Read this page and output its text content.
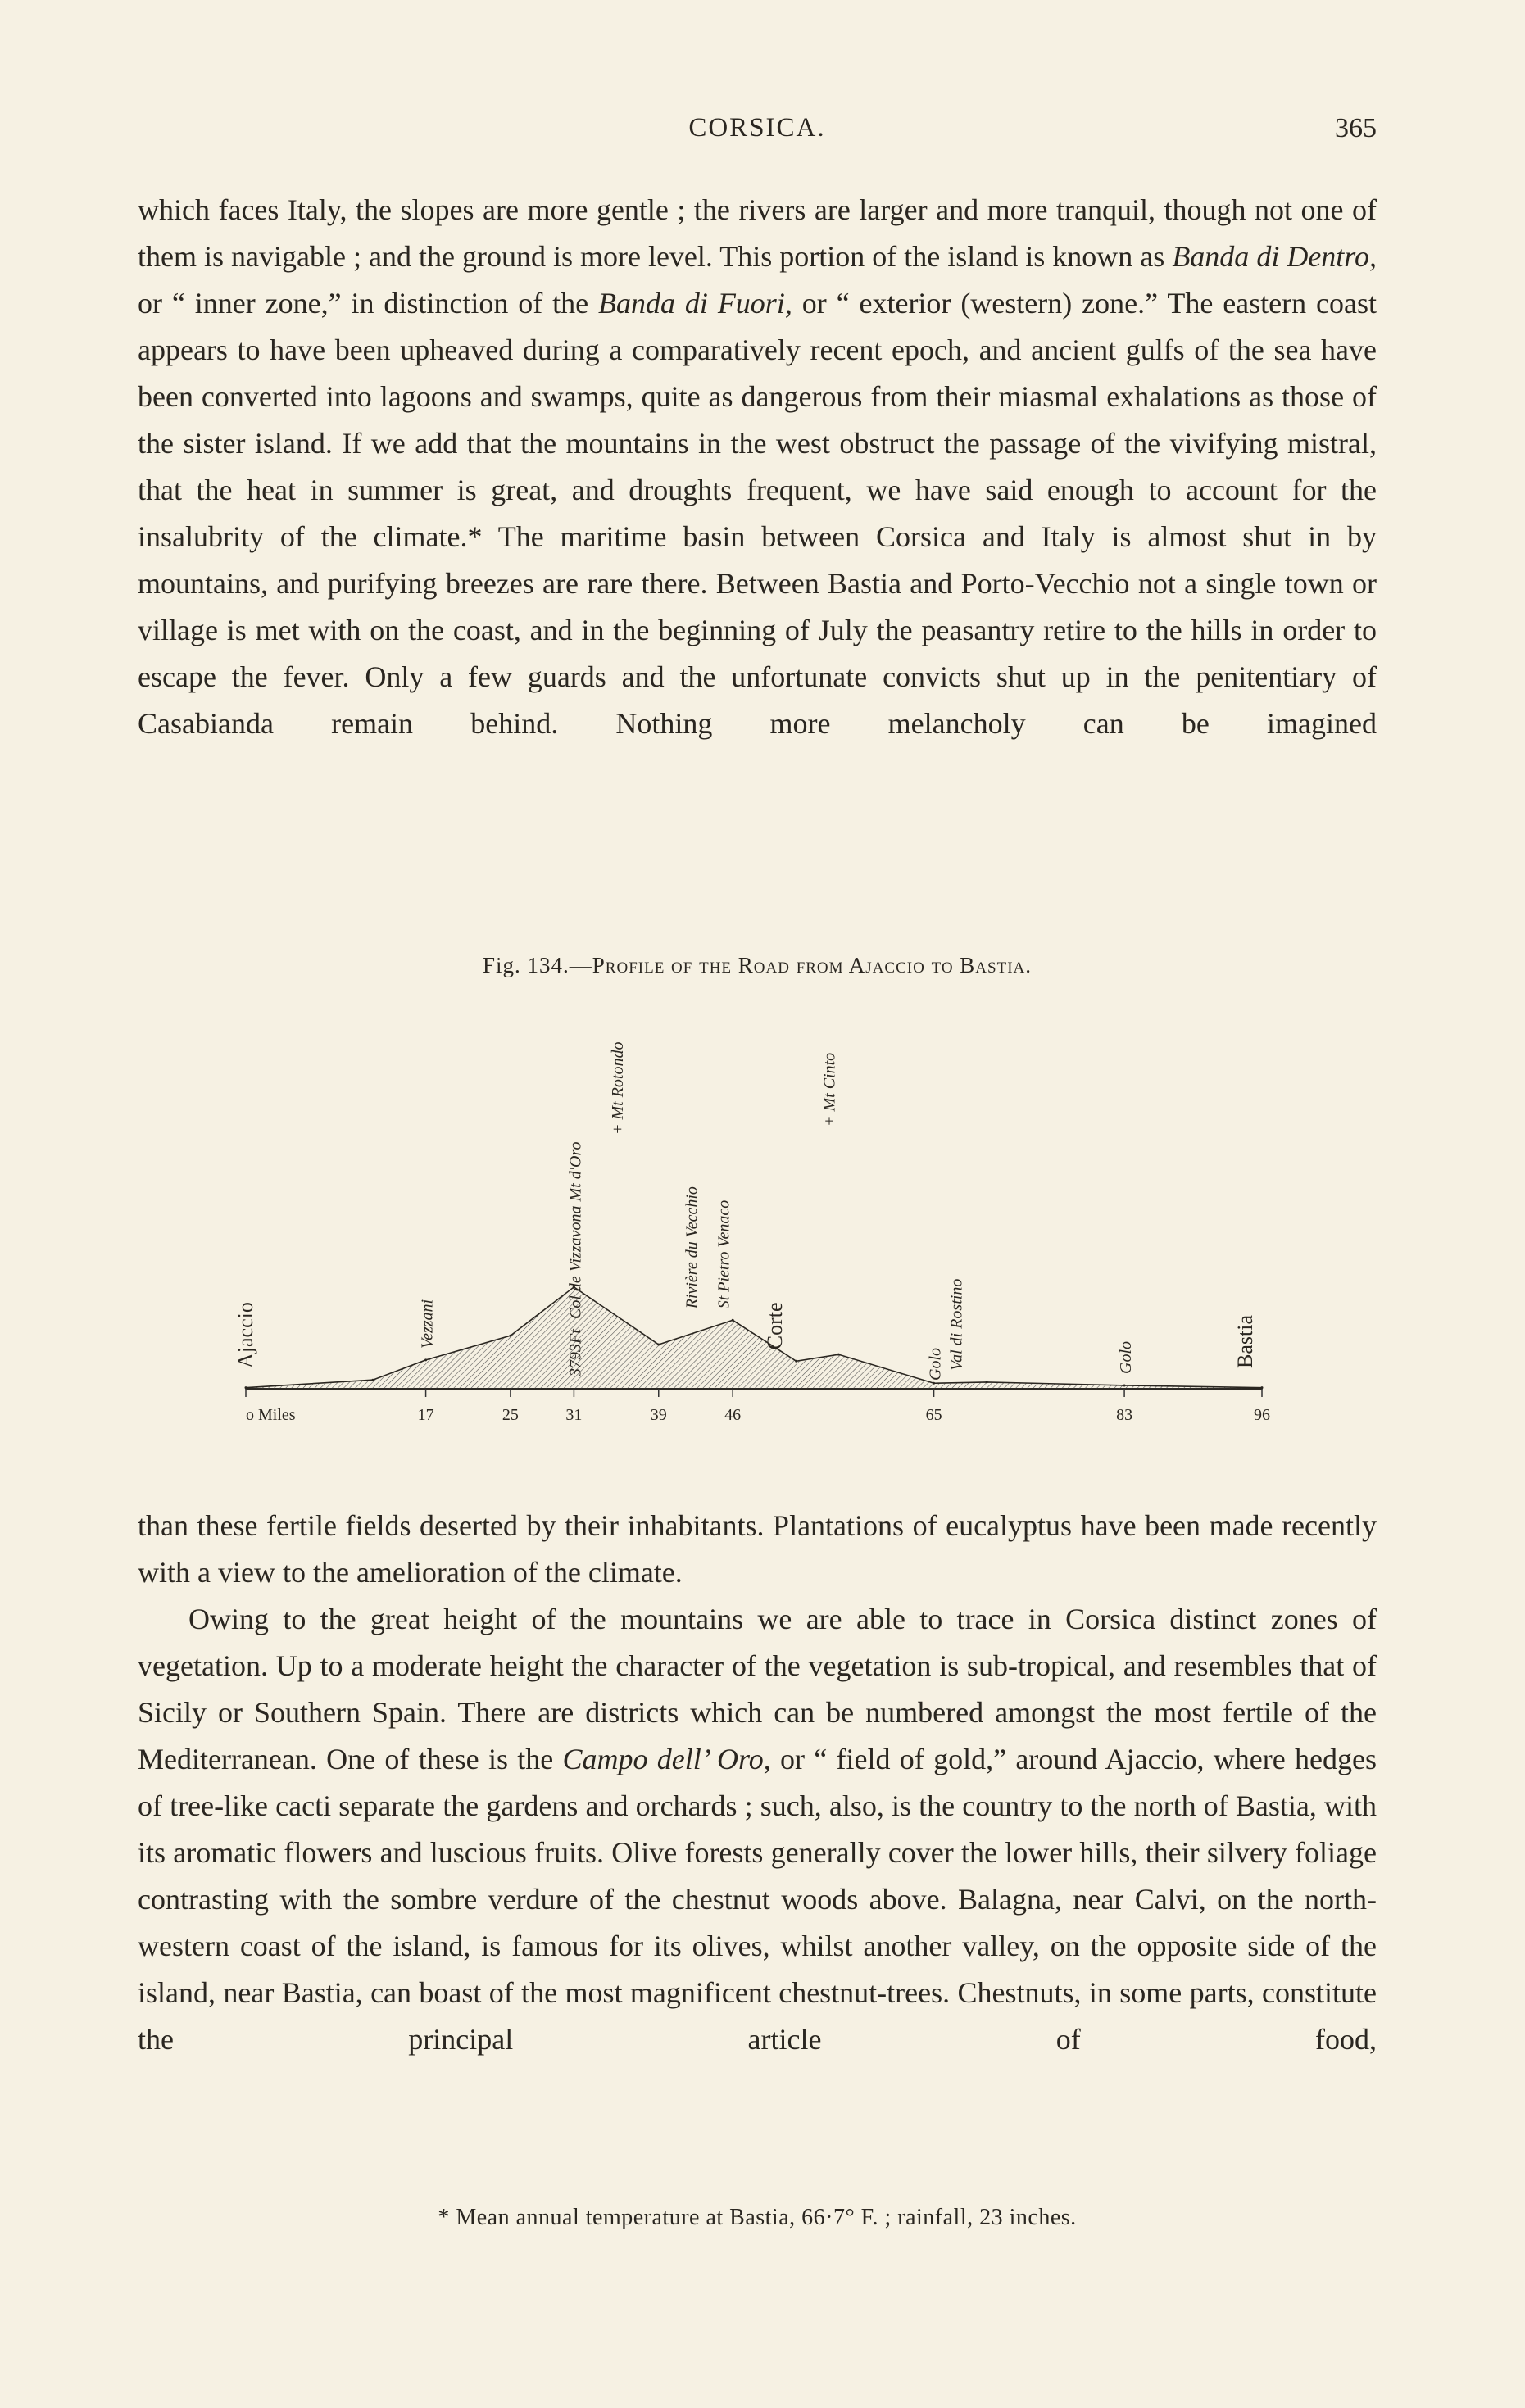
CORSICA.	365

which faces Italy, the slopes are more gentle ; the rivers are larger and more tranquil, though not one of them is navigable ; and the ground is more level. This portion of the island is known as Banda di Dentro, or “ inner zone,” in distinction of the Banda di Fuori, or “ exterior (western) zone.” The eastern coast appears to have been upheaved during a comparatively recent epoch, and ancient gulfs of the sea have been converted into lagoons and swamps, quite as dangerous from their miasmal exhalations as those of the sister island. If we add that the mountains in the west obstruct the passage of the vivifying mistral, that the heat in summer is great, and droughts frequent, we have said enough to account for the insalubrity of the climate.* The maritime basin between Corsica and Italy is almost shut in by mountains, and purifying breezes are rare there. Between Bastia and Porto-Vecchio not a single town or village is met with on the coast, and in the beginning of July the peasantry retire to the hills in order to escape the fever. Only a few guards and the unfortunate convicts shut up in the penitentiary of Casabianda remain behind. Nothing more melancholy can be imagined

Fig. 134.—Profile of the Road from Ajaccio to Bastia.
o Miles	17	25	31	39	46	65	83	96
Ajaccio	Vezzani
Col de Vizzavona Mt d'Oro
3793Ft
+ Mt Rotondo
Rivière du Vecchio St Pietro Venaco
Corte
+ Mt Cinto
Golo Val di Rostino	Golo	Bastia

than these fertile fields deserted by their inhabitants. Plantations of eucalyptus have been made recently with a view to the amelioration of the climate.

Owing to the great height of the mountains we are able to trace in Corsica distinct zones of vegetation. Up to a moderate height the character of the vegetation is sub-tropical, and resembles that of Sicily or Southern Spain. There are districts which can be numbered amongst the most fertile of the Mediterranean. One of these is the Campo dell’ Oro, or “ field of gold,” around Ajaccio, where hedges of tree-like cacti separate the gardens and orchards ; such, also, is the country to the north of Bastia, with its aromatic flowers and luscious fruits. Olive forests generally cover the lower hills, their silvery foliage contrasting with the sombre verdure of the chestnut woods above. Balagna, near Calvi, on the north-western coast of the island, is famous for its olives, whilst another valley, on the opposite side of the island, near Bastia, can boast of the most magnificent chestnut-trees. Chestnuts, in some parts, constitute the principal article of food,

* Mean annual temperature at Bastia, 66·7° F. ; rainfall, 23 inches.
